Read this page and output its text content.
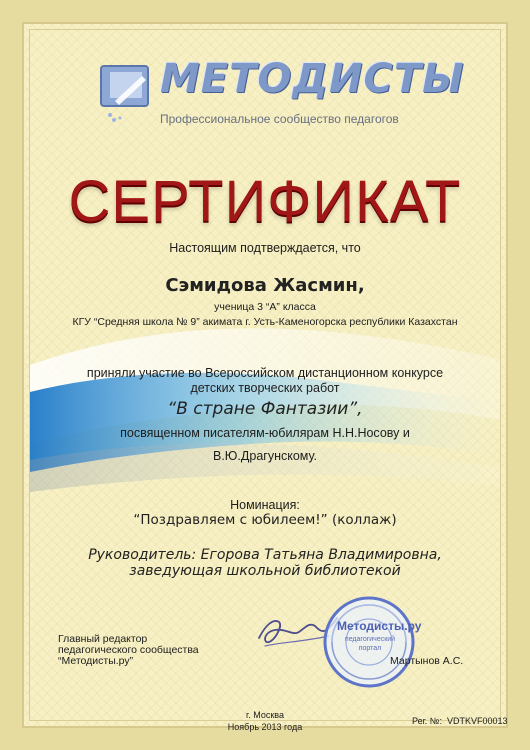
МЕТОДИСТЫ
Профессиональное сообщество педагогов
СЕРТИФИКАТ
Настоящим подтверждается, что
Сэмидова Жасмин,
ученица 3 “А” класса
КГУ “Средняя школа № 9” акимата г. Усть-Каменогорска республики Казахстан
приняли участие во Всероссийском дистанционном конкурсе
детских творческих работ
“В стране Фантазии”,
посвященном писателям-юбилярам Н.Н.Носову и
В.Ю.Драгунскому.
Номинация:
“Поздравляем с юбилеем!” (коллаж)
Руководитель: Егорова Татьяна Владимировна,
заведующая школьной библиотекой
Главный редактор
педагогического сообщества
“Методисты.ру”
Методисты.ру
педагогический
портал
Мартынов А.С.
г. Москва
Ноябрь 2013 года
Рег. №: VDTKVF00013
